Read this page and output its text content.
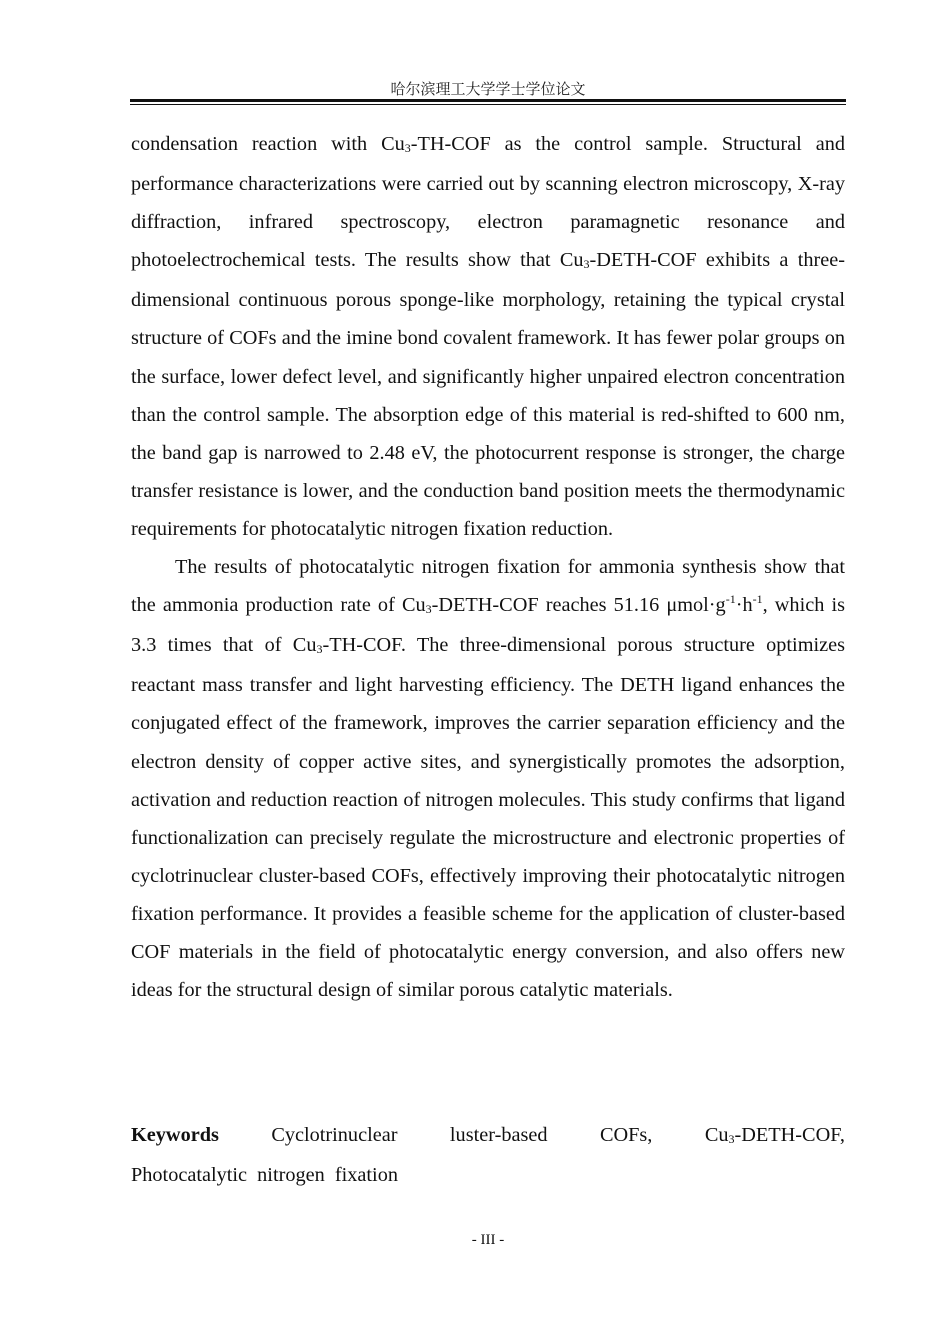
哈尔滨理工大学学士学位论文

condensation reaction with $Cu_3-TH$-COF as the control sample. Structural and performance characterizations were carried out by scanning electron microscopy, X-ray diffraction, infrared spectroscopy, electron paramagnetic resonance and photoelectrochemical tests. The results show that $Cu_3-DETH$-COF exhibits a three-dimensional continuous porous sponge-like morphology, retaining the typical crystal structure of COFs and the imine bond covalent framework. It has fewer polar groups on the surface, lower defect level, and significantly higher unpaired electron concentration than the control sample. The absorption edge of this material is red-shifted to 600 nm, the band gap is narrowed to 2.48 eV, the photocurrent response is stronger, the charge transfer resistance is lower, and the conduction band position meets the thermodynamic requirements for photocatalytic nitrogen fixation reduction.

The results of photocatalytic nitrogen fixation for ammonia synthesis show that the ammonia production rate of $Cu_3-DETH$-COF reaches 51.16 $\mu mol\cdot g^{-1}\cdot h^{-1}$, which is 3.3 times that of $Cu_3-TH$-COF. The three-dimensional porous structure optimizes reactant mass transfer and light harvesting efficiency. The DETH ligand enhances the conjugated effect of the framework, improves the carrier separation efficiency and the electron density of copper active sites, and synergistically promotes the adsorption, activation and reduction reaction of nitrogen molecules. This study confirms that ligand functionalization can precisely regulate the microstructure and electronic properties of cyclotrinuclear cluster-based COFs, effectively improving their photocatalytic nitrogen fixation performance. It provides a feasible scheme for the application of cluster-based COF materials in the field of photocatalytic energy conversion, and also offers new ideas for the structural design of similar porous catalytic materials.

Keywords	Cyclotrinuclear	luster-based	COFs,	$Cu_3-DETH$-COF,
Photocatalytic  nitrogen  fixation
- III -
